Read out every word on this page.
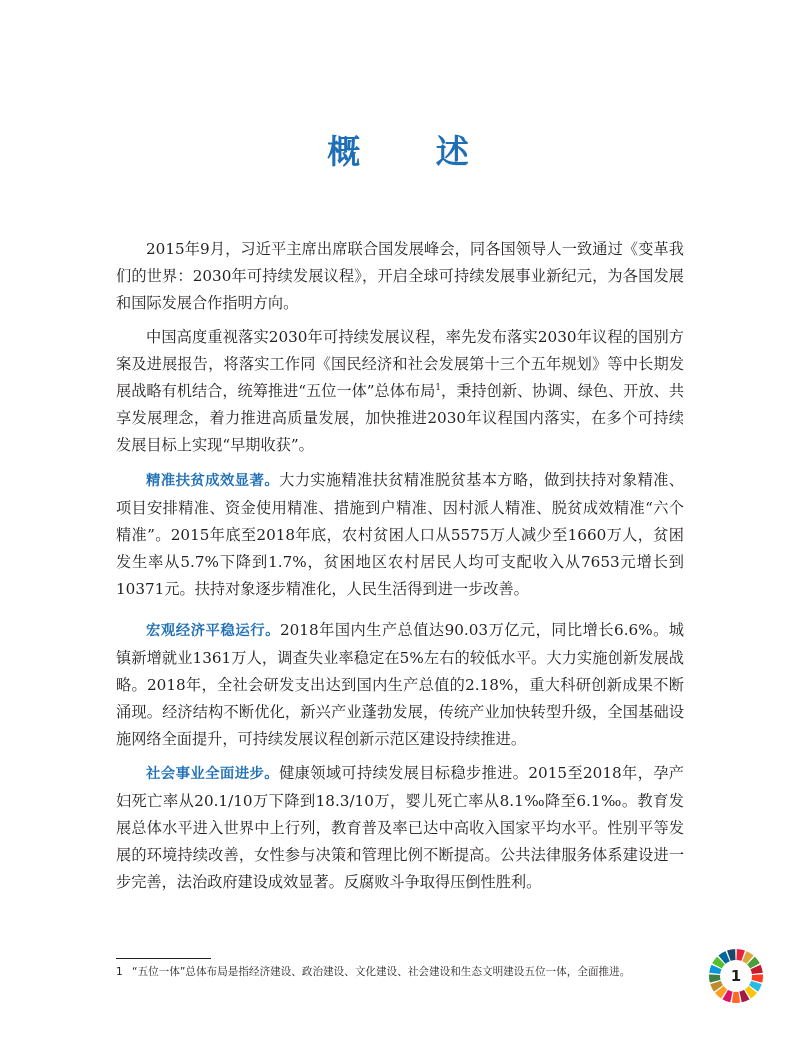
概 述

2015年9月，习近平主席出席联合国发展峰会，同各国领导人一致通过《变革我们的世界：2030年可持续发展议程》，开启全球可持续发展事业新纪元，为各国发展和国际发展合作指明方向。

中国高度重视落实2030年可持续发展议程，率先发布落实2030年议程的国别方案及进展报告，将落实工作同《国民经济和社会发展第十三个五年规划》等中长期发展战略有机结合，统筹推进“五位一体”总体布局$^1$，秉持创新、协调、绿色、开放、共享发展理念，着力推进高质量发展，加快推进2030年议程国内落实，在多个可持续发展目标上实现“早期收获”。

精准扶贫成效显著。大力实施精准扶贫精准脱贫基本方略，做到扶持对象精准、项目安排精准、资金使用精准、措施到户精准、因村派人精准、脱贫成效精准“六个精准”。2015年底至2018年底，农村贫困人口从5575万人减少至1660万人，贫困发生率从5.7%下降到1.7%，贫困地区农村居民人均可支配收入从7653元增长到10371元。扶持对象逐步精准化，人民生活得到进一步改善。

宏观经济平稳运行。2018年国内生产总值达90.03万亿元，同比增长6.6%。城镇新增就业1361万人，调查失业率稳定在5%左右的较低水平。大力实施创新发展战略。2018年，全社会研发支出达到国内生产总值的2.18%，重大科研创新成果不断涌现。经济结构不断优化，新兴产业蓬勃发展，传统产业加快转型升级，全国基础设施网络全面提升，可持续发展议程创新示范区建设持续推进。

社会事业全面进步。健康领域可持续发展目标稳步推进。2015至2018年，孕产妇死亡率从20.1/10万下降到18.3/10万，婴儿死亡率从8.1‰降至6.1‰。教育发展总体水平进入世界中上行列，教育普及率已达中高收入国家平均水平。性别平等发展的环境持续改善，女性参与决策和管理比例不断提高。公共法律服务体系建设进一步完善，法治政府建设成效显著。反腐败斗争取得压倒性胜利。

1 “五位一体”总体布局是指经济建设、政治建设、文化建设、社会建设和生态文明建设五位一体，全面推进。	1
